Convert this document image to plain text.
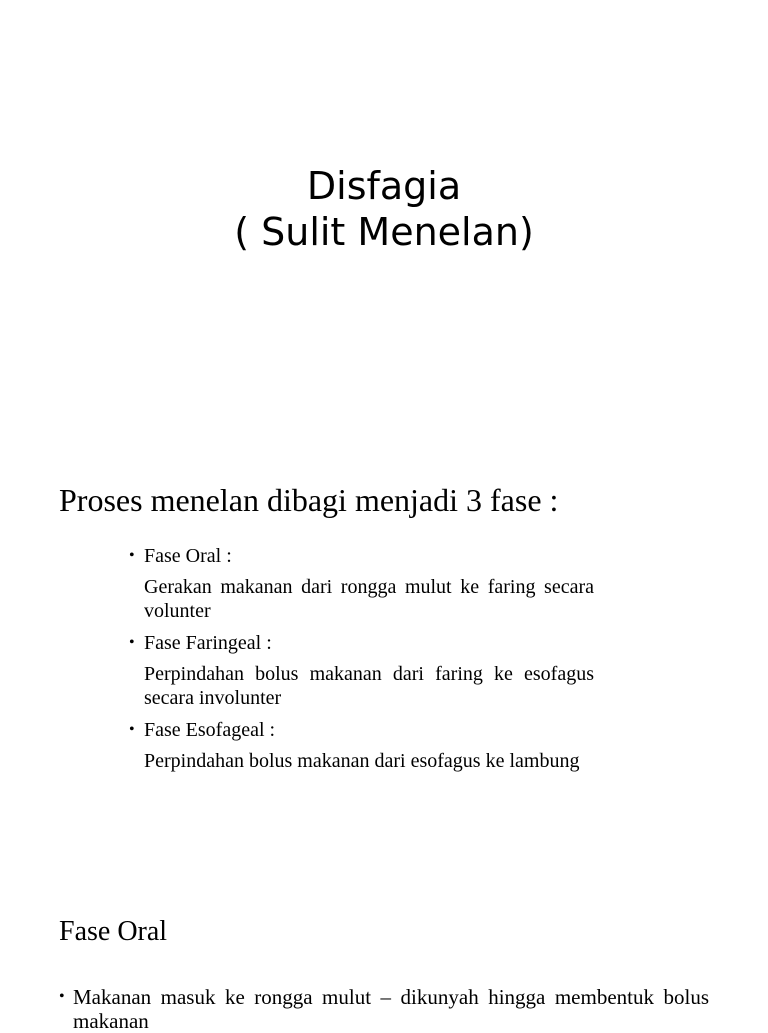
Disfagia
( Sulit Menelan)
Proses menelan dibagi menjadi 3 fase :
• Fase Oral :

Gerakan makanan dari rongga mulut ke faring secara volunter

• Fase Faringeal :

Perpindahan bolus makanan dari faring ke esofagus secara involunter

• Fase Esofageal :

Perpindahan bolus makanan dari esofagus ke lambung

Fase Oral
• Makanan masuk ke rongga mulut – dikunyah hingga membentuk bolus makanan
